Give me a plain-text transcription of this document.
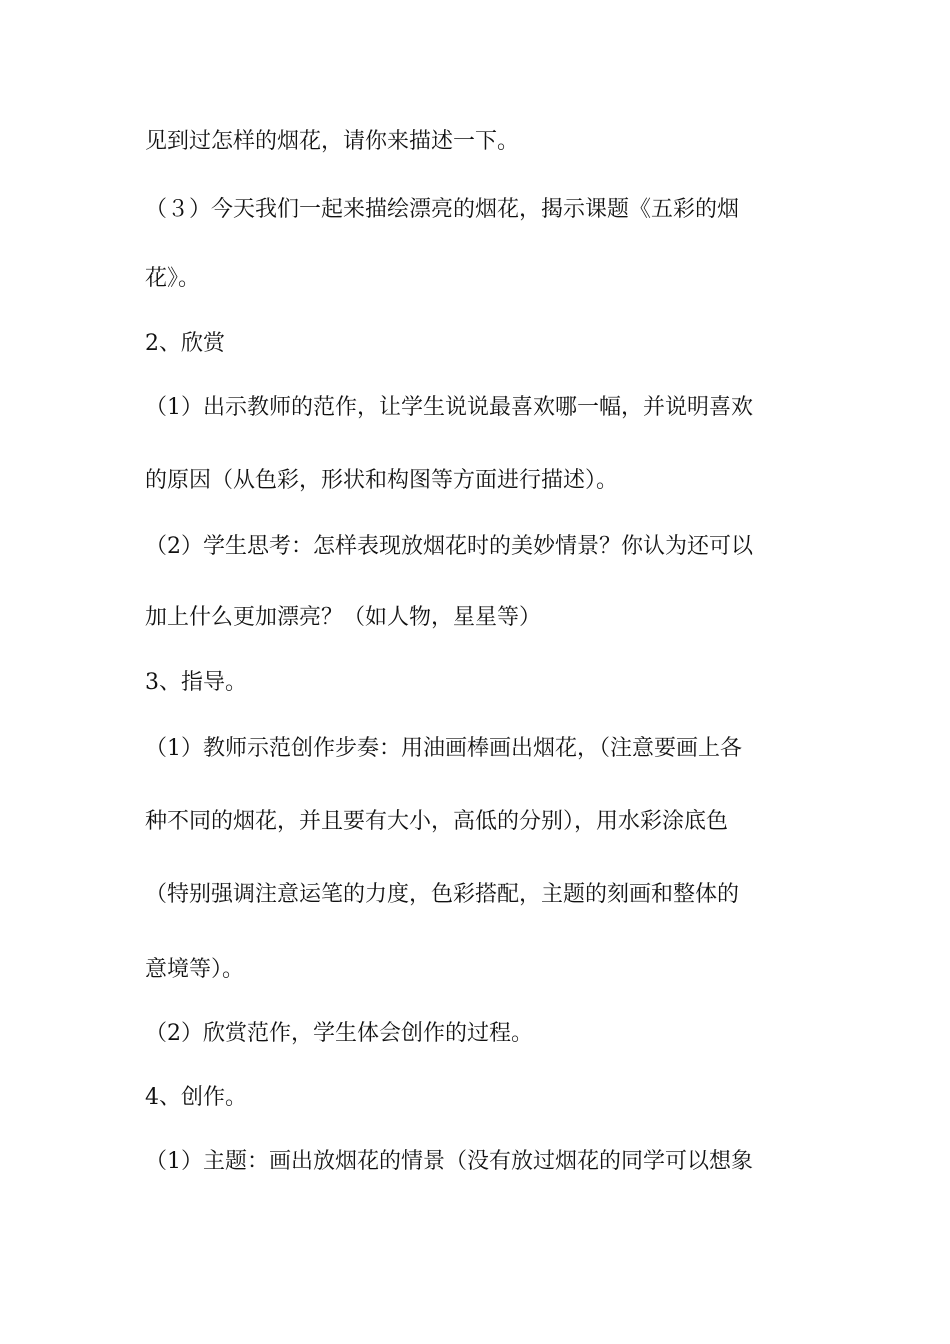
见到过怎样的烟花，请你来描述一下。
（３）今天我们一起来描绘漂亮的烟花，揭示课题《五彩的烟
花》。
2、欣赏
（1）出示教师的范作，让学生说说最喜欢哪一幅，并说明喜欢
的原因（从色彩，形状和构图等方面进行描述）。
（2）学生思考：怎样表现放烟花时的美妙情景？你认为还可以
加上什么更加漂亮？（如人物，星星等）
3、指导。
（1）教师示范创作步奏：用油画棒画出烟花，（注意要画上各
种不同的烟花，并且要有大小，高低的分别），用水彩涂底色
（特别强调注意运笔的力度，色彩搭配，主题的刻画和整体的
意境等）。
（2）欣赏范作，学生体会创作的过程。
4、创作。
（1）主题：画出放烟花的情景（没有放过烟花的同学可以想象
